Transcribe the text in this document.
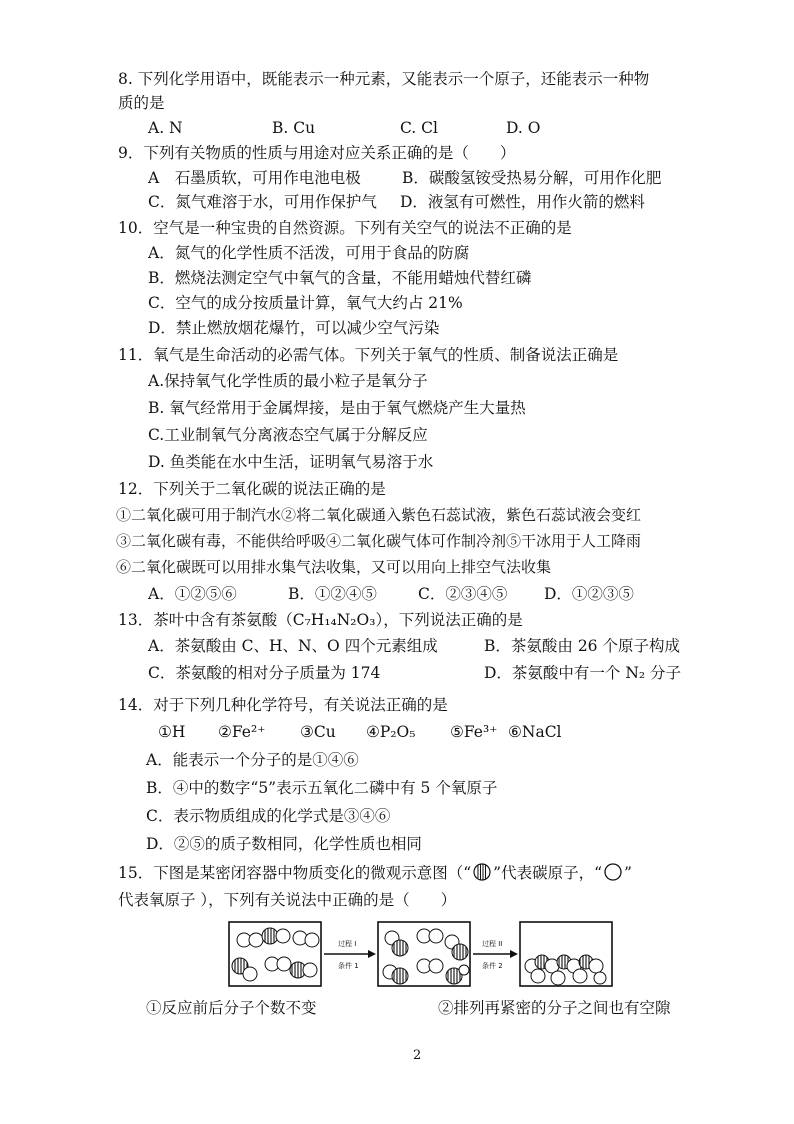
8. 下列化学用语中，既能表示一种元素，又能表示一个原子，还能表示一种物
质的是
A. N	B. Cu	C. Cl	D. O
9．下列有关物质的性质与用途对应关系正确的是（　　）
A　石墨质软，可用作电池电极	B．碳酸氢铵受热易分解，可用作化肥
C．氮气难溶于水，可用作保护气 D．液氢有可燃性，用作火箭的燃料
10．空气是一种宝贵的自然资源。下列有关空气的说法不正确的是
A．氮气的化学性质不活泼，可用于食品的防腐
B．燃烧法测定空气中氧气的含量，不能用蜡烛代替红磷
C．空气的成分按质量计算，氧气大约占 21%
D．禁止燃放烟花爆竹，可以减少空气污染
11．氧气是生命活动的必需气体。下列关于氧气的性质、制备说法正确是
A.保持氧气化学性质的最小粒子是氧分子
B. 氧气经常用于金属焊接，是由于氧气燃烧产生大量热
C.工业制氧气分离液态空气属于分解反应
D. 鱼类能在水中生活，证明氧气易溶于水
12．下列关于二氧化碳的说法正确的是
①二氧化碳可用于制汽水②将二氧化碳通入紫色石蕊试液，紫色石蕊试液会变红
③二氧化碳有毒，不能供给呼吸④二氧化碳气体可作制冷剂⑤干冰用于人工降雨
⑥二氧化碳既可以用排水集气法收集，又可以用向上排空气法收集
A．①②⑤⑥	B．①②④⑤	C．②③④⑤ D．①②③⑤
13．茶叶中含有茶氨酸（C₇H₁₄N₂O₃），下列说法正确的是
A．茶氨酸由 C、H、N、O 四个元素组成	B．茶氨酸由 26 个原子构成
C．茶氨酸的相对分子质量为 174	D．茶氨酸中有一个 N₂ 分子
14．对于下列几种化学符号，有关说法正确的是
①H ②Fe²⁺ ③Cu ④P₂O₅ ⑤Fe³⁺ ⑥NaCl
A．能表示一个分子的是①④⑥
B．④中的数字“5”表示五氧化二磷中有 5 个氧原子
C．表示物质组成的化学式是③④⑥
D．②⑤的质子数相同，化学性质也相同
15．下图是某密闭容器中物质变化的微观示意图（“ ”代表碳原子，“ ”
代表氧原子 ），下列有关说法中正确的是（　　）
过程 I
条件 1
过程 II
条件 2
①反应前后分子个数不变	②排列再紧密的分子之间也有空隙
2
